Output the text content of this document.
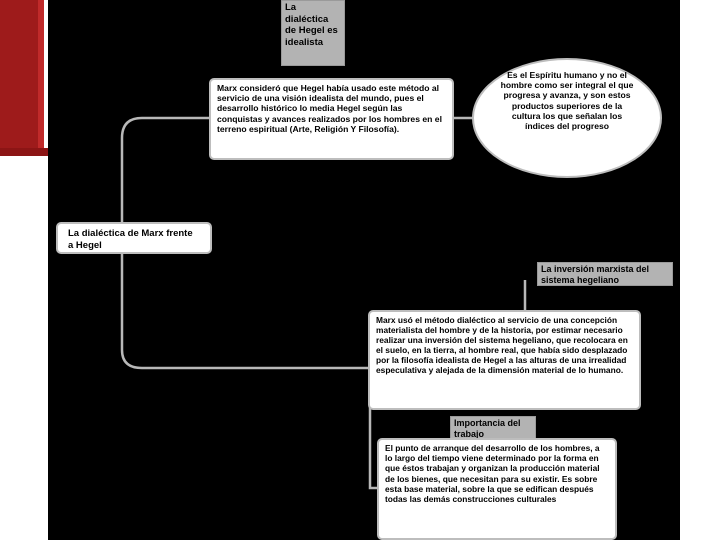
La dialéctica de Hegel es idealista
Marx consideró que Hegel había usado este método al servicio de una visión idealista del mundo, pues el desarrollo histórico lo media Hegel según las conquistas y avances realizados por los hombres en el terreno espiritual (Arte, Religión Y Filosofía).
Es el Espíritu humano y no el hombre como ser integral el que progresa y avanza, y son estos productos superiores de la cultura los que señalan los índices del progreso
La dialéctica de Marx frente a Hegel
La inversión marxista del sistema hegeliano
Marx usó el método dialéctico al servicio de una concepción materialista del hombre y de la historia, por estimar necesario realizar una inversión del sistema hegeliano, que recolocara en el suelo, en la tierra, al hombre real, que había sido desplazado por la filosofía idealista de Hegel a las alturas de una irrealidad especulativa y alejada de la dimensión material de lo humano.
Importancia del trabajo
El punto de arranque del desarrollo de los hombres, a lo largo del tiempo viene determinado por la forma en que éstos trabajan y organizan la producción material de los bienes, que necesitan para su existir. Es sobre esta base material, sobre la que se edifican después todas las demás construcciones culturales
